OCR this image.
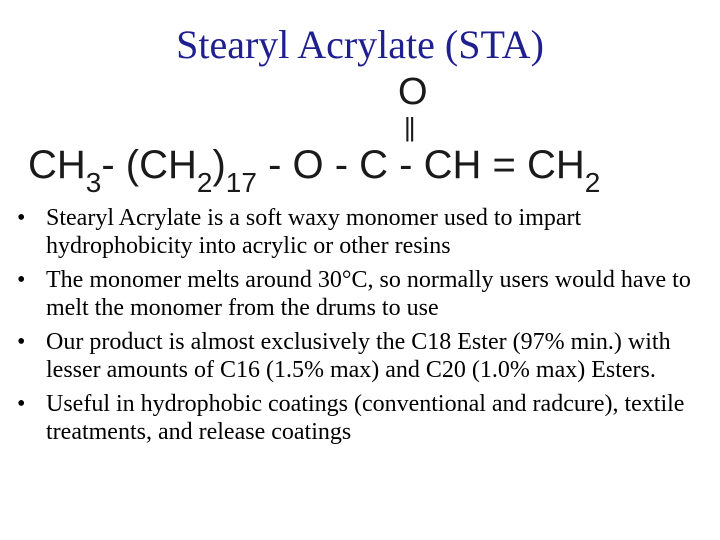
Stearyl Acrylate (STA)
O
||
$CH_3-$ $(CH_2)_{17}$ - O - C - CH = $CH_2$
• Stearyl Acrylate is a soft waxy monomer used to impart hydrophobicity into acrylic or other resins
• The monomer melts around 30°C, so normally users would have to melt the monomer from the drums to use
• Our product is almost exclusively the C18 Ester (97% min.) with lesser amounts of C16 (1.5% max) and C20 (1.0% max) Esters.
• Useful in hydrophobic coatings (conventional and radcure), textile treatments, and release coatings
